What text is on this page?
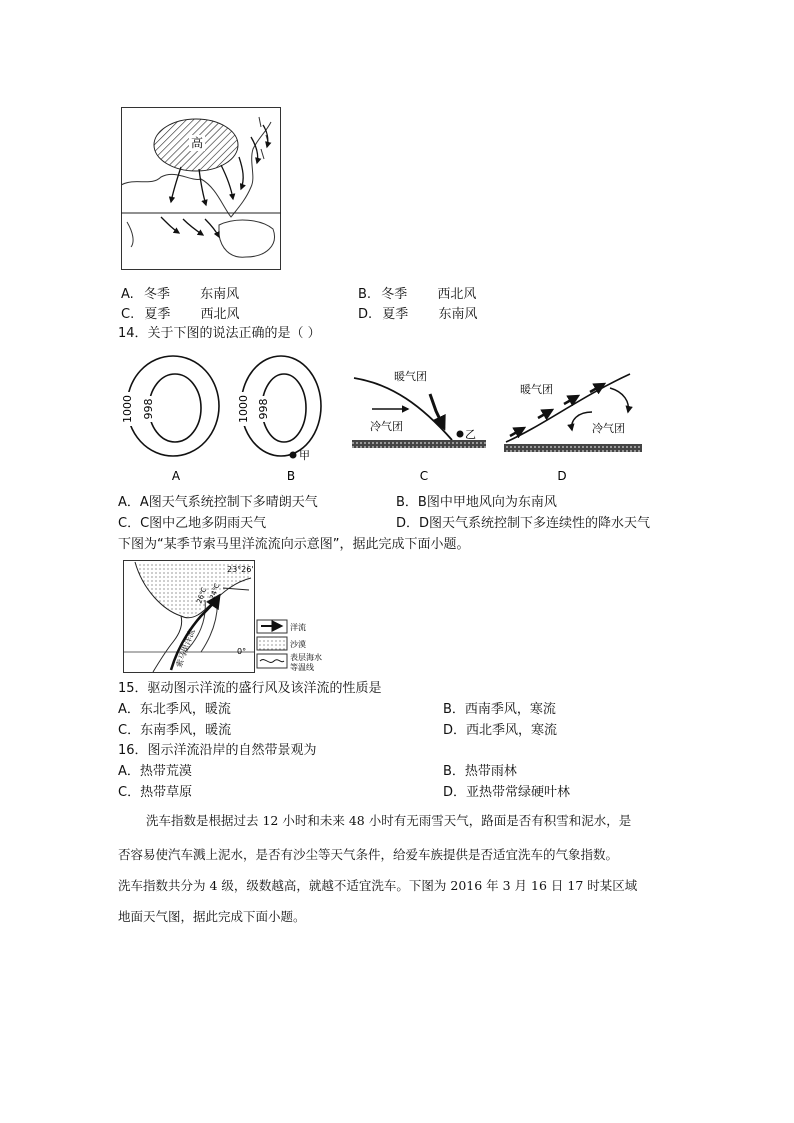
高
A. 冬季 东南风	B. 冬季 西北风
C. 夏季 西北风	D. 夏季 东南风
14．关于下图的说法正确的是（ ）
1000 998
A
1000 998
甲
B
暖气团
冷气团
乙
C
暖气团
冷气团
D
A．A图天气系统控制下多晴朗天气	B．B图中甲地风向为东南风
C．C图中乙地多阴雨天气	D．D图天气系统控制下多连续性的降水天气
下图为“某季节索马里洋流流向示意图”，据此完成下面小题。
23°26'
0°
26℃ 24℃
索马里洋流
洋流
沙漠
表层海水
等温线
15．驱动图示洋流的盛行风及该洋流的性质是
A．东北季风，暖流	B．西南季风，寒流
C．东南季风，暖流	D．西北季风，寒流
16．图示洋流沿岸的自然带景观为
A．热带荒漠	B．热带雨林
C．热带草原	D．亚热带常绿硬叶林
洗车指数是根据过去 12 小时和未来 48 小时有无雨雪天气，路面是否有积雪和泥水，是
否容易使汽车溅上泥水，是否有沙尘等天气条件，给爱车族提供是否适宜洗车的气象指数。
洗车指数共分为 4 级，级数越高，就越不适宜洗车。下图为 2016 年 3 月 16 日 17 时某区域
地面天气图，据此完成下面小题。
